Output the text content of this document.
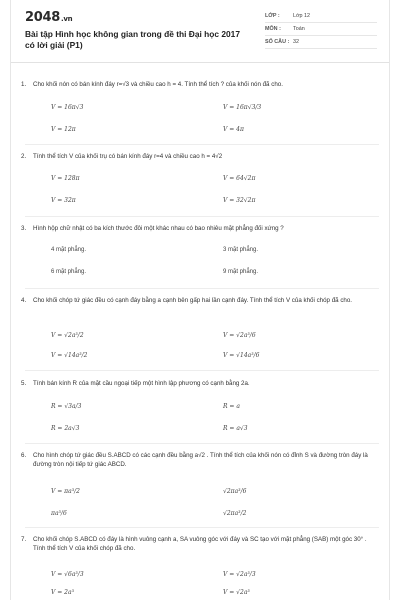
2048.vn
Bài tập Hình học không gian trong đề thi Đại học 2017 có lời giải (P1)
LỚP :	Lớp 12
MÔN :	Toán
SỐ CÂU : 32
1. Cho khối nón có bán kính đáy r=√3 và chiều cao h = 4. Tính thể tích ? của khối nón đã cho.
V = 16π√3	V = 16π√3/3
V = 12π	V = 4π
2. Tính thể tích V của khối trụ có bán kính đáy r=4 và chiều cao h = 4√2
V = 128π	V = 64√2π
V = 32π	V = 32√2π
3. Hình hộp chữ nhật có ba kích thước đôi một khác nhau có bao nhiêu mặt phẳng đối xứng ?
4 mặt phẳng.	3 mặt phẳng.
6 mặt phẳng.	9 mặt phẳng.
4. Cho khối chóp tứ giác đều có cạnh đáy bằng a cạnh bên gấp hai lần cạnh đáy. Tính thể tích V của khối chóp đã cho.
V = √2a³/2	V = √2a³/6
V = √14a³/2	V = √14a³/6
5. Tính bán kính R của mặt cầu ngoại tiếp một hình lập phương có cạnh bằng 2a.
R = √3a/3	R = a
R = 2a√3	R = a√3
6. Cho hình chóp tứ giác đều S.ABCD có các cạnh đều bằng a√2 . Tính thể tích của khối nón có đỉnh S và đường tròn đáy là đường tròn nội tiếp tứ giác ABCD.
V = πa³/2	√2πa³/6
πa³/6	√2πa³/2
7. Cho khối chóp S.ABCD có đáy là hình vuông cạnh a, SA vuông góc với đáy và SC tạo với mặt phẳng (SAB) một góc 30° . Tính thể tích V của khối chóp đã cho.
V = √6a³/3	V = √2a³/3
V = 2a³	V = √2a³
